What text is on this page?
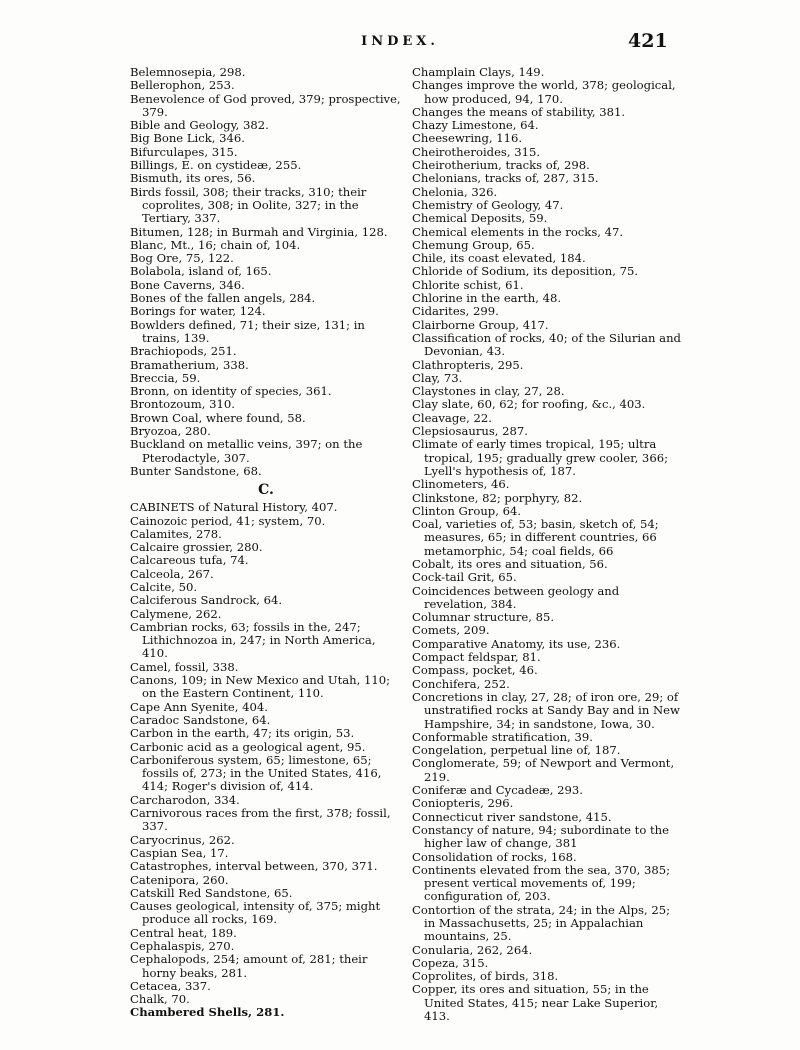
INDEX.	421

Belemnosepia, 298.

Bellerophon, 253.

Benevolence of God proved, 379; prospective, 379.

Bible and Geology, 382.

Big Bone Lick, 346.

Bifurculapes, 315.

Billings, E. on cystideæ, 255.

Bismuth, its ores, 56.

Birds fossil, 308; their tracks, 310; their coprolites, 308; in Oolite, 327; in the Tertiary, 337.

Bitumen, 128; in Burmah and Virginia, 128.

Blanc, Mt., 16; chain of, 104.

Bog Ore, 75, 122.

Bolabola, island of, 165.

Bone Caverns, 346.

Bones of the fallen angels, 284.

Borings for water, 124.

Bowlders defined, 71; their size, 131; in trains, 139.

Brachiopods, 251.

Bramatherium, 338.

Breccia, 59.

Bronn, on identity of species, 361.

Brontozoum, 310.

Brown Coal, where found, 58.

Bryozoa, 280.

Buckland on metallic veins, 397; on the Pterodactyle, 307.

Bunter Sandstone, 68.

C.

CABINETS of Natural History, 407.

Cainozoic period, 41; system, 70.

Calamites, 278.

Calcaire grossier, 280.

Calcareous tufa, 74.

Calceola, 267.

Calcite, 50.

Calciferous Sandrock, 64.

Calymene, 262.

Cambrian rocks, 63; fossils in the, 247; Lithichnozoa in, 247; in North America, 410.

Camel, fossil, 338.

Canons, 109; in New Mexico and Utah, 110; on the Eastern Continent, 110.

Cape Ann Syenite, 404.

Caradoc Sandstone, 64.

Carbon in the earth, 47; its origin, 53.

Carbonic acid as a geological agent, 95.

Carboniferous system, 65; limestone, 65; fossils of, 273; in the United States, 416, 414; Roger's division of, 414.

Carcharodon, 334.

Carnivorous races from the first, 378; fossil, 337.

Caryocrinus, 262.

Caspian Sea, 17.

Catastrophes, interval between, 370, 371.

Catenipora, 260.

Catskill Red Sandstone, 65.

Causes geological, intensity of, 375; might produce all rocks, 169.

Central heat, 189.

Cephalaspis, 270.

Cephalopods, 254; amount of, 281; their horny beaks, 281.

Cetacea, 337.

Chalk, 70.

Chambered Shells, 281.

Champlain Clays, 149.

Changes improve the world, 378; geological, how produced, 94, 170.

Changes the means of stability, 381.

Chazy Limestone, 64.

Cheesewring, 116.

Cheirotheroides, 315.

Cheirotherium, tracks of, 298.

Chelonians, tracks of, 287, 315.

Chelonia, 326.

Chemistry of Geology, 47.

Chemical Deposits, 59.

Chemical elements in the rocks, 47.

Chemung Group, 65.

Chile, its coast elevated, 184.

Chloride of Sodium, its deposition, 75.

Chlorite schist, 61.

Chlorine in the earth, 48.

Cidarites, 299.

Clairborne Group, 417.

Classification of rocks, 40; of the Silurian and Devonian, 43.

Clathropteris, 295.

Clay, 73.

Claystones in clay, 27, 28.

Clay slate, 60, 62; for roofing, &c., 403.

Cleavage, 22.

Clepsiosaurus, 287.

Climate of early times tropical, 195; ultra tropical, 195; gradually grew cooler, 366; Lyell's hypothesis of, 187.

Clinometers, 46.

Clinkstone, 82; porphyry, 82.

Clinton Group, 64.

Coal, varieties of, 53; basin, sketch of, 54; measures, 65; in different countries, 66 metamorphic, 54; coal fields, 66

Cobalt, its ores and situation, 56.

Cock-tail Grit, 65.

Coincidences between geology and revelation, 384.

Columnar structure, 85.

Comets, 209.

Comparative Anatomy, its use, 236.

Compact feldspar, 81.

Compass, pocket, 46.

Conchifera, 252.

Concretions in clay, 27, 28; of iron ore, 29; of unstratified rocks at Sandy Bay and in New Hampshire, 34; in sandstone, Iowa, 30.

Conformable stratification, 39.

Congelation, perpetual line of, 187.

Conglomerate, 59; of Newport and Vermont, 219.

Coniferæ and Cycadeæ, 293.

Coniopteris, 296.

Connecticut river sandstone, 415.

Constancy of nature, 94; subordinate to the higher law of change, 381

Consolidation of rocks, 168.

Continents elevated from the sea, 370, 385; present vertical movements of, 199; configuration of, 203.

Contortion of the strata, 24; in the Alps, 25; in Massachusetts, 25; in Appalachian mountains, 25.

Conularia, 262, 264.

Copeza, 315.

Coprolites, of birds, 318.

Copper, its ores and situation, 55; in the United States, 415; near Lake Superior, 413.
